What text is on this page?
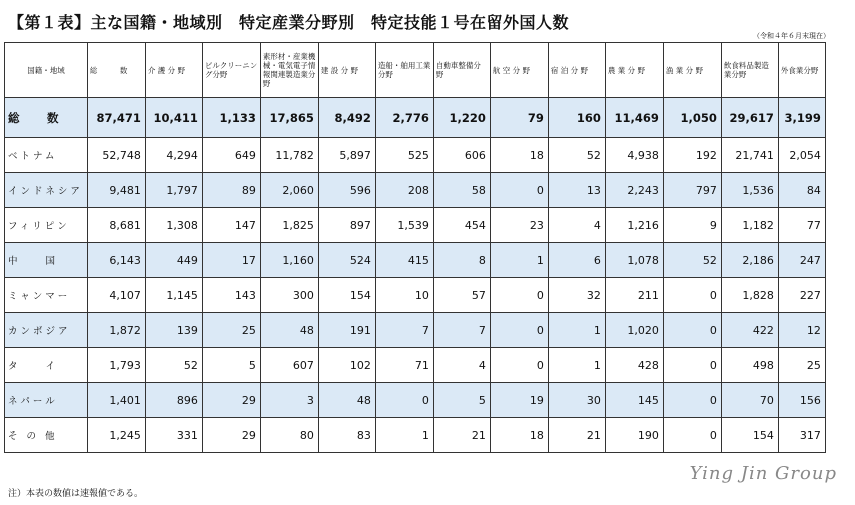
【第１表】主な国籍・地域別　特定産業分野別　特定技能１号在留外国人数
（令和４年６月末現在）
国籍・地域	総　　　数	介 護 分 野	ビルクリーニング分野	素形材・産業機械・電気電子情報関連製造業分野	建 設 分 野	造船・舶用工業分野	自動車整備分野	航 空 分 野	宿 泊 分 野	農 業 分 野	漁 業 分 野	飲食料品製造業分野	外食業分野
総　数	87,471	10,411	1,133	17,865	8,492	2,776	1,220	79	160	11,469	1,050	29,617	3,199
ベトナム	52,748	4,294	649	11,782	5,897	525	606	18	52	4,938	192	21,741	2,054
インドネシア	9,481	1,797	89	2,060	596	208	58	0	13	2,243	797	1,536	84
フィリピン	8,681	1,308	147	1,825	897	1,539	454	23	4	1,216	9	1,182	77
中　　国	6,143	449	17	1,160	524	415	8	1	6	1,078	52	2,186	247
ミャンマー	4,107	1,145	143	300	154	10	57	0	32	211	0	1,828	227
カンボジア	1,872	139	25	48	191	7	7	0	1	1,020	0	422	12
タ　　イ	1,793	52	5	607	102	71	4	0	1	428	0	498	25
ネパール	1,401	896	29	3	48	0	5	19	30	145	0	70	156
そ の 他	1,245	331	29	80	83	1	21	18	21	190	0	154	317
注）本表の数値は速報値である。
Ying Jin Group
